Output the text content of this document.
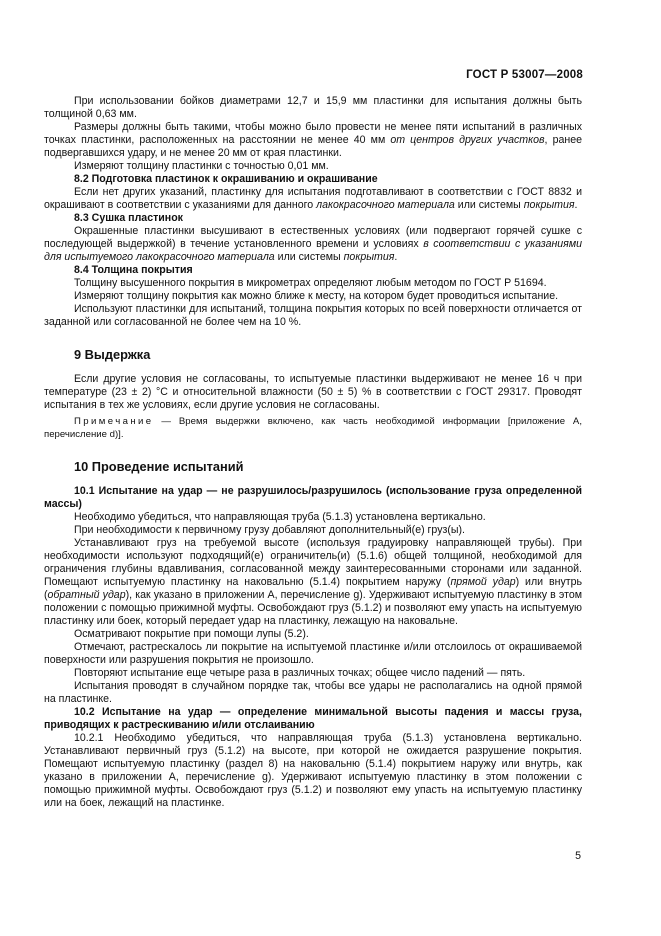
ГОСТ Р 53007—2008

При использовании бойков диаметрами 12,7 и 15,9 мм пластинки для испытания должны быть толщиной 0,63 мм.

Размеры должны быть такими, чтобы можно было провести не менее пяти испытаний в различных точках пластинки, расположенных на расстоянии не менее 40 мм от центров других участков, ранее подвергавшихся удару, и не менее 20 мм от края пластинки.

Измеряют толщину пластинки с точностью 0,01 мм.

8.2 Подготовка пластинок к окрашиванию и окрашивание

Если нет других указаний, пластинку для испытания подготавливают в соответствии с ГОСТ 8832 и окрашивают в соответствии с указаниями для данного лакокрасочного материала или системы покрытия.

8.3 Сушка пластинок

Окрашенные пластинки высушивают в естественных условиях (или подвергают горячей сушке с последующей выдержкой) в течение установленного времени и условиях в соответствии с указаниями для испытуемого лакокрасочного материала или системы покрытия.

8.4 Толщина покрытия

Толщину высушенного покрытия в микрометрах определяют любым методом по ГОСТ Р 51694.

Измеряют толщину покрытия как можно ближе к месту, на котором будет проводиться испытание.

Используют пластинки для испытаний, толщина покрытия которых по всей поверхности отличается от заданной или согласованной не более чем на 10 %.

9 Выдержка

Если другие условия не согласованы, то испытуемые пластинки выдерживают не менее 16 ч при температуре (23 ± 2) °С и относительной влажности (50 ± 5) % в соответствии с ГОСТ 29317. Проводят испытания в тех же условиях, если другие условия не согласованы.

Примечание — Время выдержки включено, как часть необходимой информации [приложение А, перечисление d)].

10 Проведение испытаний

10.1 Испытание на удар — не разрушилось/разрушилось (использование груза определенной массы)

Необходимо убедиться, что направляющая труба (5.1.3) установлена вертикально.

При необходимости к первичному грузу добавляют дополнительный(е) груз(ы).

Устанавливают груз на требуемой высоте (используя градуировку направляющей трубы). При необходимости используют подходящий(е) ограничитель(и) (5.1.6) общей толщиной, необходимой для ограничения глубины вдавливания, согласованной между заинтересованными сторонами или заданной. Помещают испытуемую пластинку на наковальню (5.1.4) покрытием наружу (прямой удар) или внутрь (обратный удар), как указано в приложении А, перечисление g). Удерживают испытуемую пластинку в этом положении с помощью прижимной муфты. Освобождают груз (5.1.2) и позволяют ему упасть на испытуемую пластинку или боек, который передает удар на пластинку, лежащую на наковальне.

Осматривают покрытие при помощи лупы (5.2).

Отмечают, растрескалось ли покрытие на испытуемой пластинке и/или отслоилось от окрашиваемой поверхности или разрушения покрытия не произошло.

Повторяют испытание еще четыре раза в различных точках; общее число падений — пять.

Испытания проводят в случайном порядке так, чтобы все удары не располагались на одной прямой на пластинке.

10.2 Испытание на удар — определение минимальной высоты падения и массы груза, приводящих к растрескиванию и/или отслаиванию

10.2.1 Необходимо убедиться, что направляющая труба (5.1.3) установлена вертикально. Устанавливают первичный груз (5.1.2) на высоте, при которой не ожидается разрушение покрытия. Помещают испытуемую пластинку (раздел 8) на наковальню (5.1.4) покрытием наружу или внутрь, как указано в приложении А, перечисление g). Удерживают испытуемую пластинку в этом положении с помощью прижимной муфты. Освобождают груз (5.1.2) и позволяют ему упасть на испытуемую пластинку или на боек, лежащий на пластинке.

5
